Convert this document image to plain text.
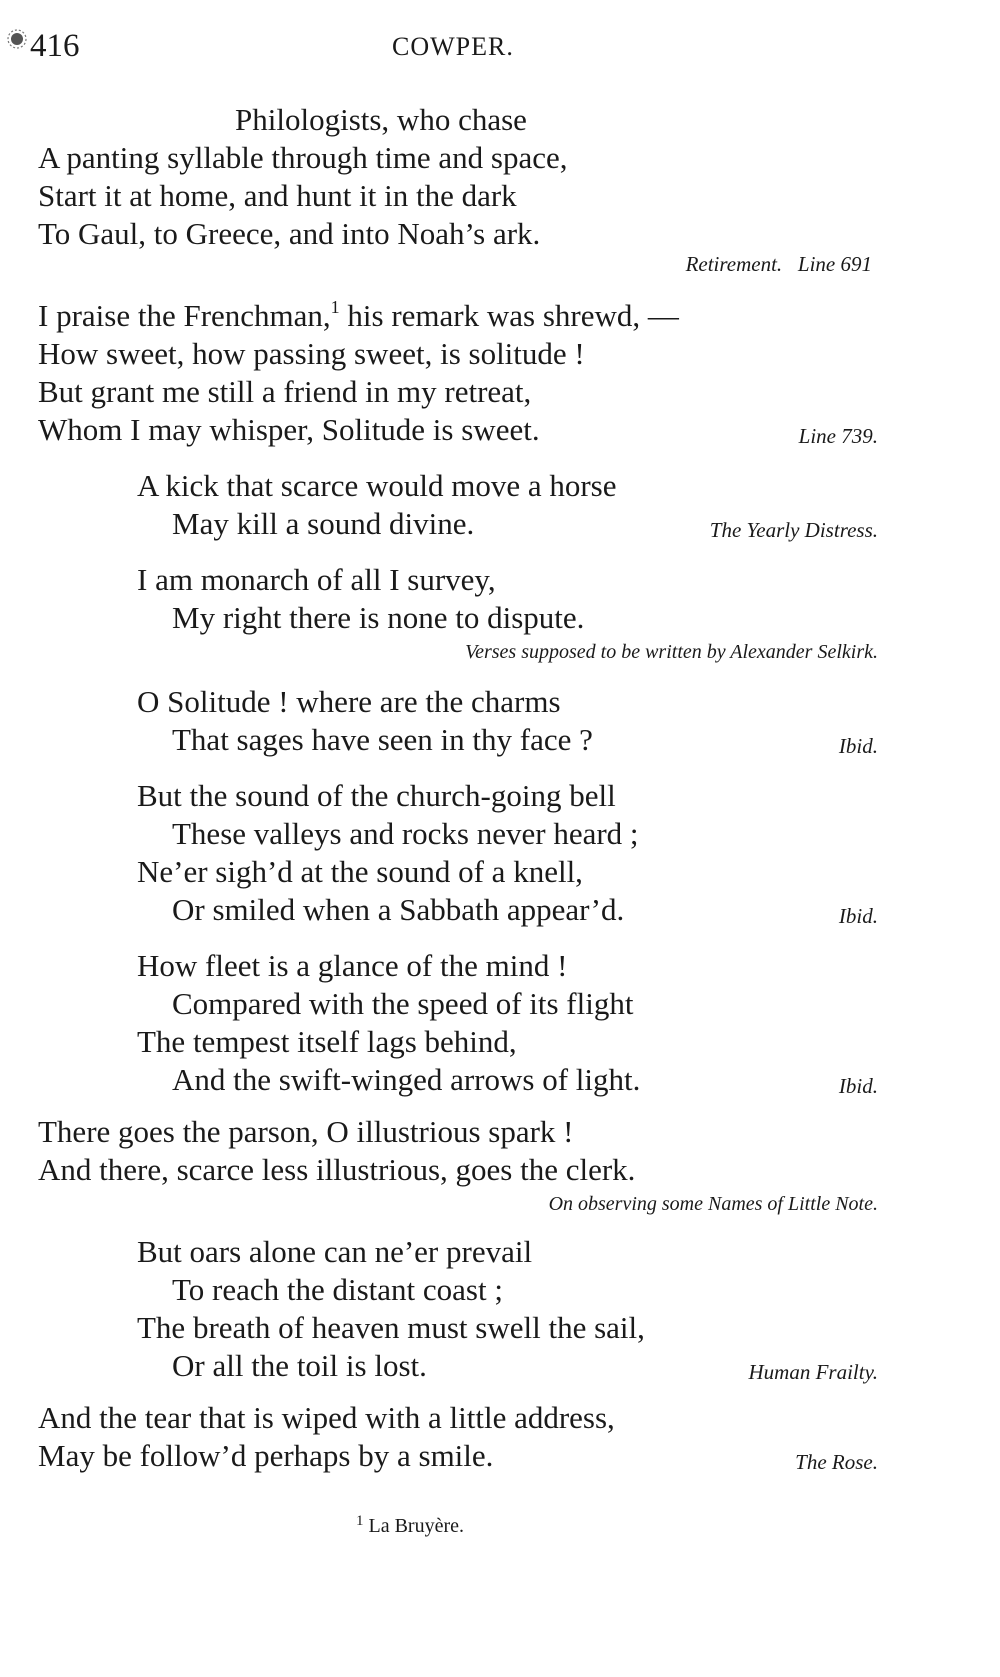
416	COWPER.
Philologists, who chase
A panting syllable through time and space,
Start it at home, and hunt it in the dark
To Gaul, to Greece, and into Noah’s ark.
Retirement.   Line 691
I praise the Frenchman,$^1$ his remark was shrewd, —
How sweet, how passing sweet, is solitude !
But grant me still a friend in my retreat,
Whom I may whisper, Solitude is sweet.	Line 739.
A kick that scarce would move a horse
May kill a sound divine.	The Yearly Distress.
I am monarch of all I survey,
My right there is none to dispute.
Verses supposed to be written by Alexander Selkirk.
O Solitude ! where are the charms
That sages have seen in thy face ?	Ibid.
But the sound of the church-going bell
These valleys and rocks never heard ;
Ne’er sigh’d at the sound of a knell,
Or smiled when a Sabbath appear’d.	Ibid.
How fleet is a glance of the mind !
Compared with the speed of its flight
The tempest itself lags behind,
And the swift-winged arrows of light.	Ibid.
There goes the parson, O illustrious spark !
And there, scarce less illustrious, goes the clerk.
On observing some Names of Little Note.
But oars alone can ne’er prevail
To reach the distant coast ;
The breath of heaven must swell the sail,
Or all the toil is lost.	Human Frailty.
And the tear that is wiped with a little address,
May be follow’d perhaps by a smile.	The Rose.
$^1$ La Bruyère.
